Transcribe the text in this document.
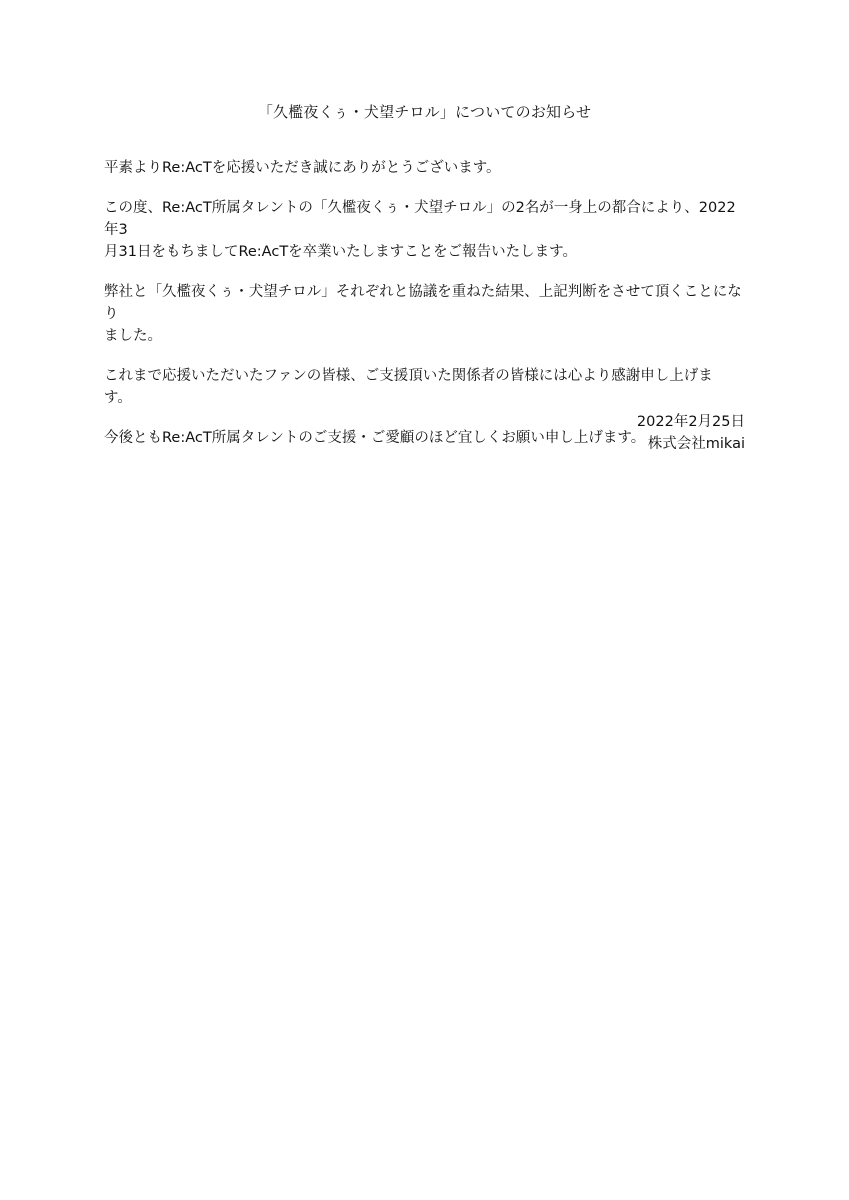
「久檻夜くぅ・犬望チロル」についてのお知らせ

平素よりRe:AcTを応援いただき誠にありがとうございます。

この度、Re:AcT所属タレントの「久檻夜くぅ・犬望チロル」の2名が一身上の都合により、2022年3
月31日をもちましてRe:AcTを卒業いたしますことをご報告いたします。

弊社と「久檻夜くぅ・犬望チロル」それぞれと協議を重ねた結果、上記判断をさせて頂くことになり
ました。

これまで応援いただいたファンの皆様、ご支援頂いた関係者の皆様には心より感謝申し上げま
す。

今後ともRe:AcT所属タレントのご支援・ご愛顧のほど宜しくお願い申し上げます。

2022年2月25日
株式会社mikai
